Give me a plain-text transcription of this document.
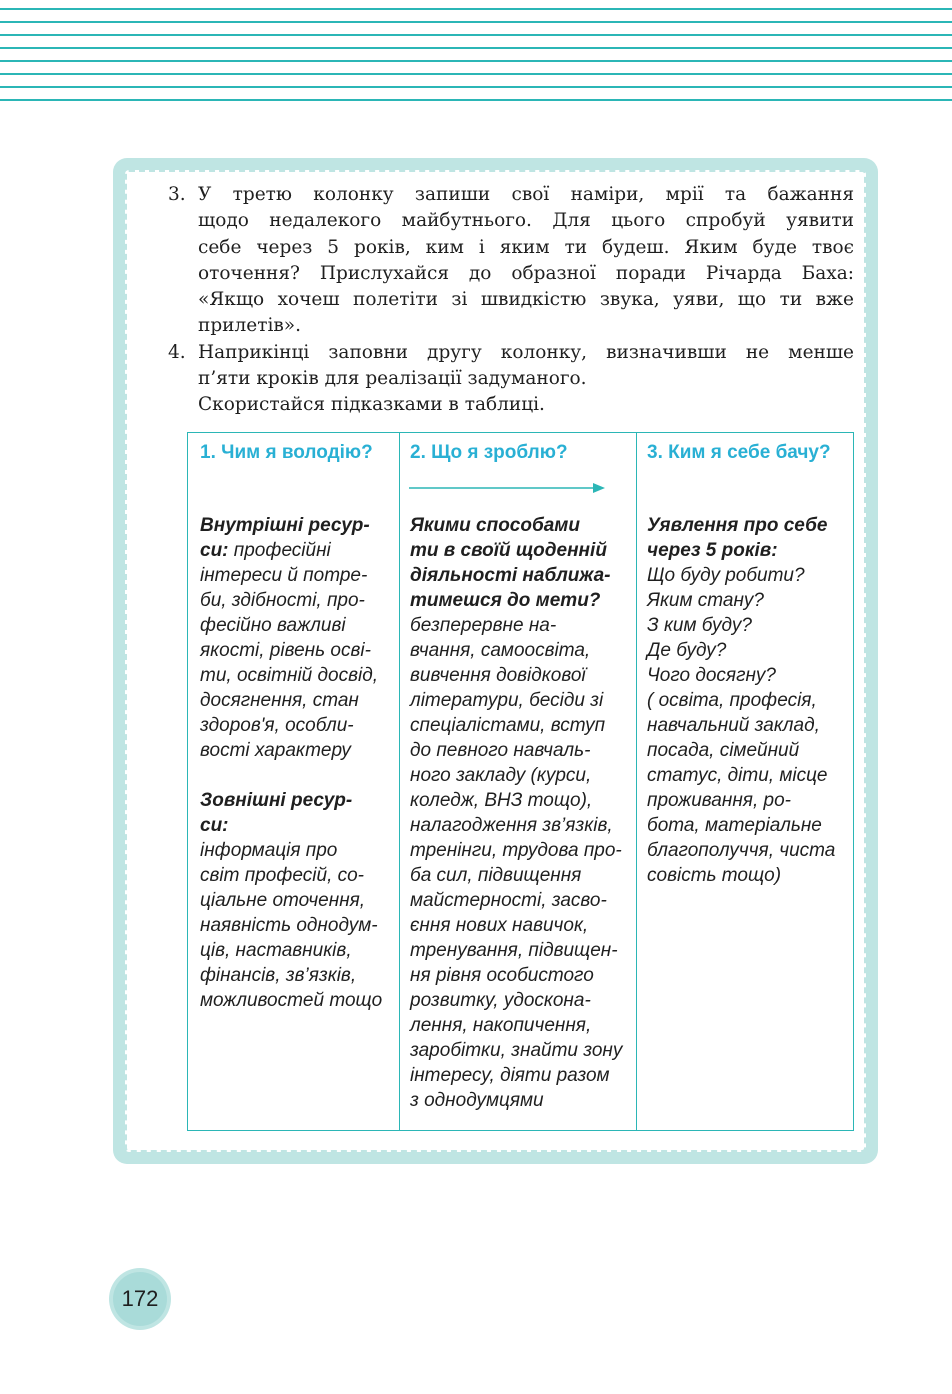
3. У третю колонку запиши свої наміри, мрії та бажання
щодо недалекого майбутнього. Для цього спробуй уявити
себе через 5 років, ким і яким ти будеш. Яким буде твоє
оточення? Прислухайся до образної поради Річарда Баха:
«Якщо хочеш полетіти зі швидкістю звука, уяви, що ти вже
прилетів».
4. Наприкінці заповни другу колонку, визначивши не менше
п’яти кроків для реалізації задуманого.
Скористайся підказками в таблиці.
1. Чим я володію?
Внутрішні ресур-
си: професійні
інтереси й потре-
би, здібності, про-
фесійно важливі
якості, рівень освi-
ти, освітній досвід,
досягнення, стан
здоров'я, особли-
вості характеру
Зовнішні ресур-
си:
інформація про
світ професій, со-
ціальне оточення,
наявність однодум-
ців, наставників,
фінансів, зв’язків,
можливостей тощо
2. Що я зроблю?
Якими способами
ти в своїй щоденній
діяльності наближа-
тимешся до мети?
безперервне на-
вчання, самоосвіта,
вивчення довідкової
літератури, бесіди зі
спеціалістами, вступ
до певного навчаль-
ного закладу (курси,
коледж, ВНЗ тощо),
налагодження зв’язків,
тренінги, трудова про-
ба сил, підвищення
майстерності, засво-
єння нових навичок,
тренування, підвищен-
ня рівня особистого
розвитку, удоскона-
лення, накопичення,
заробітки, знайти зону
інтересу, діяти разом
з однодумцями
3. Ким я себе бачу?
Уявлення про себе
через 5 років:
Що буду робити?
Яким стану?
З ким буду?
Де буду?
Чого досягну?
( освіта, професія,
навчальний заклад,
посада, сімейний
статус, діти, місце
проживання, ро-
бота, матеріальне
благополуччя, чиста
совість тощо)
172
